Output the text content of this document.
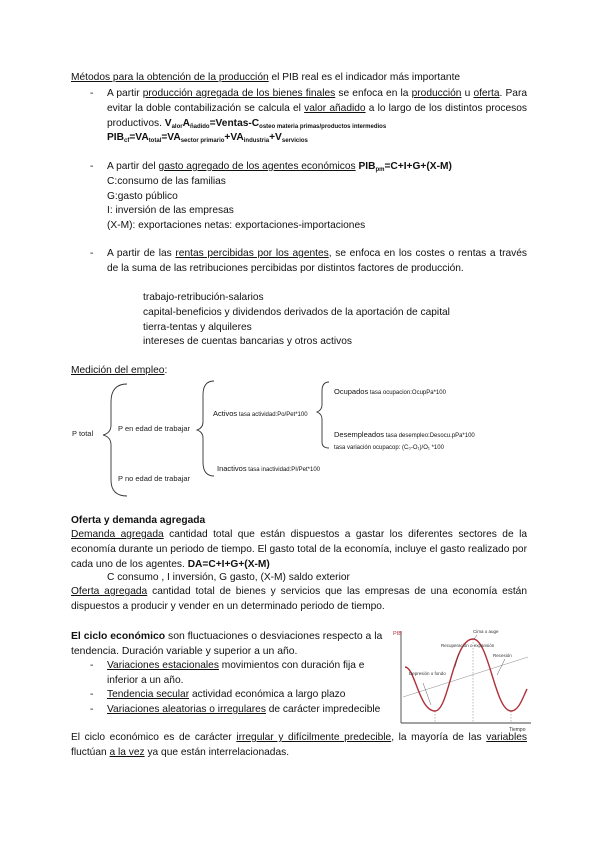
Métodos para la obtención de la producción el PIB real es el indicador más importante
- A partir producción agregada de los bienes finales se enfoca en la producción u oferta. Para evitar la doble contabilización se calcula el valor añadido a lo largo de los distintos procesos productivos. $V_{alor}A_{ñadido}=Ventas-C_{osteo materia primas/productos intermedios}$
$PIB_{cf}=VA_{total}=VA_{sector primario}+VA_{industria}+V_{servicios}$
- A partir del gasto agregado de los agentes económicos $PIB_{pm}=C+I+G+(X-M)$
C:consumo de las familias
G:gasto público
I: inversión de las empresas
(X-M): exportaciones netas: exportaciones-importaciones
- A partir de las rentas percibidas por los agentes, se enfoca en los costes o rentas a través de la suma de las retribuciones percibidas por distintos factores de producción.
trabajo-retribución-salarios
capital-beneficios y dividendos derivados de la aportación de capital
tierra-tentas y alquileres
intereses de cuentas bancarias y otros activos
Medición del empleo:
P total
P en edad de trabajar
P no edad de trabajar
Activos tasa actividad:Po/Pet*100
Inactivos tasa inactividad:PI/Pet*100
Ocupados tasa ocupacion:OcupPa*100
Desempleados tasa desempleo:Desocu.pPa*100
tasa variación ocupacop: (C₀-O₁)/O₁ *100
Oferta y demanda agregada
Demanda agregada cantidad total que están dispuestos a gastar los diferentes sectores de la economía durante un periodo de tiempo. El gasto total de la economía, incluye el gasto realizado por cada uno de los agentes. DA=C+I+G+(X-M)
C consumo , I inversión, G gasto, (X-M) saldo exterior
Oferta agregada cantidad total de bienes y servicios que las empresas de una economía están dispuestos a producir y vender en un determinado periodo de tiempo.
El ciclo económico son fluctuaciones o desviaciones respecto a la tendencia. Duración variable y superior a un año.
- Variaciones estacionales movimientos con duración fija e inferior a un año.
- Tendencia secular actividad económica a largo plazo
- Variaciones aleatorias o irregulares de carácter impredecible
El ciclo económico es de carácter irregular y difícilmente predecible, la mayoría de las variables fluctúan a la vez ya que están interrelacionadas.
PIB
Tiempo
Depresión o fondo
Recuperación o expansión
Cima o auge
Recesión
